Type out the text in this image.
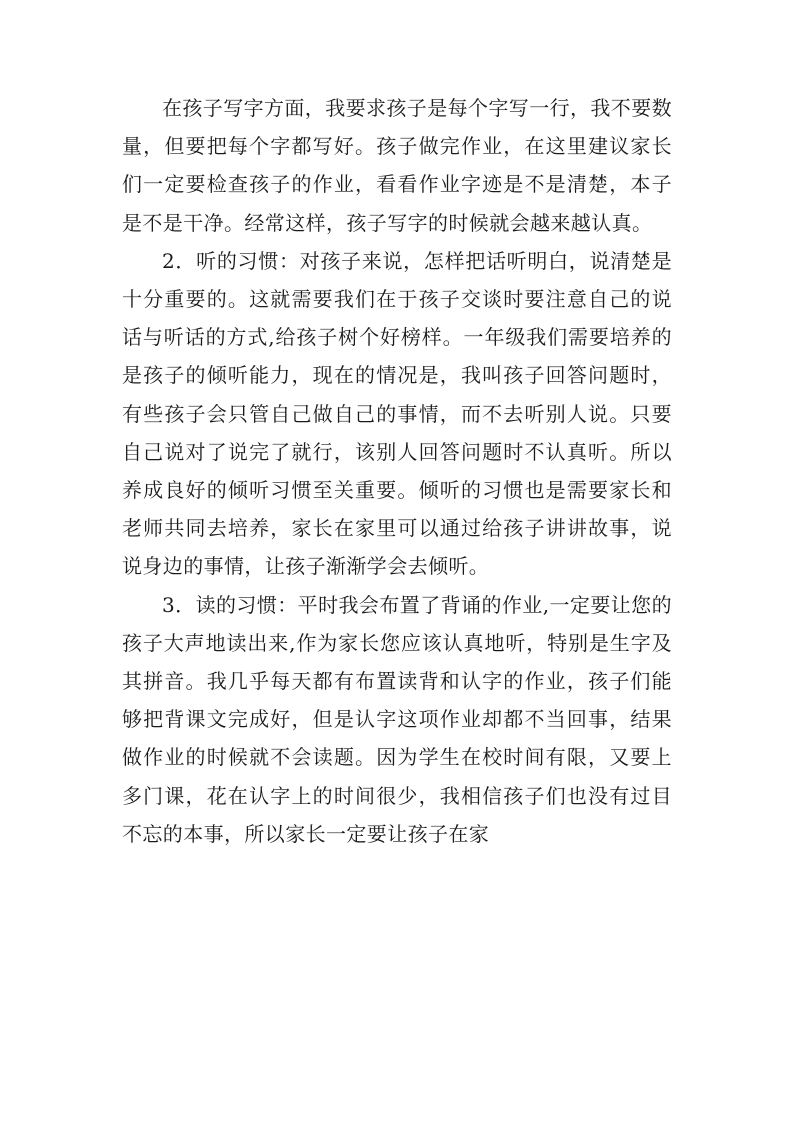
在孩子写字方面，我要求孩子是每个字写一行，我不要数量，但要把每个字都写好。孩子做完作业，在这里建议家长们一定要检查孩子的作业，看看作业字迹是不是清楚，本子是不是干净。经常这样，孩子写字的时候就会越来越认真。

2．听的习惯：对孩子来说，怎样把话听明白，说清楚是十分重要的。这就需要我们在于孩子交谈时要注意自己的说话与听话的方式,给孩子树个好榜样。一年级我们需要培养的是孩子的倾听能力，现在的情况是，我叫孩子回答问题时，有些孩子会只管自己做自己的事情，而不去听别人说。只要自己说对了说完了就行，该别人回答问题时不认真听。所以养成良好的倾听习惯至关重要。倾听的习惯也是需要家长和老师共同去培养，家长在家里可以通过给孩子讲讲故事，说说身边的事情，让孩子渐渐学会去倾听。

3．读的习惯：平时我会布置了背诵的作业,一定要让您的孩子大声地读出来,作为家长您应该认真地听，特别是生字及其拼音。我几乎每天都有布置读背和认字的作业，孩子们能够把背课文完成好，但是认字这项作业却都不当回事，结果做作业的时候就不会读题。因为学生在校时间有限，又要上多门课，花在认字上的时间很少，我相信孩子们也没有过目不忘的本事，所以家长一定要让孩子在家
